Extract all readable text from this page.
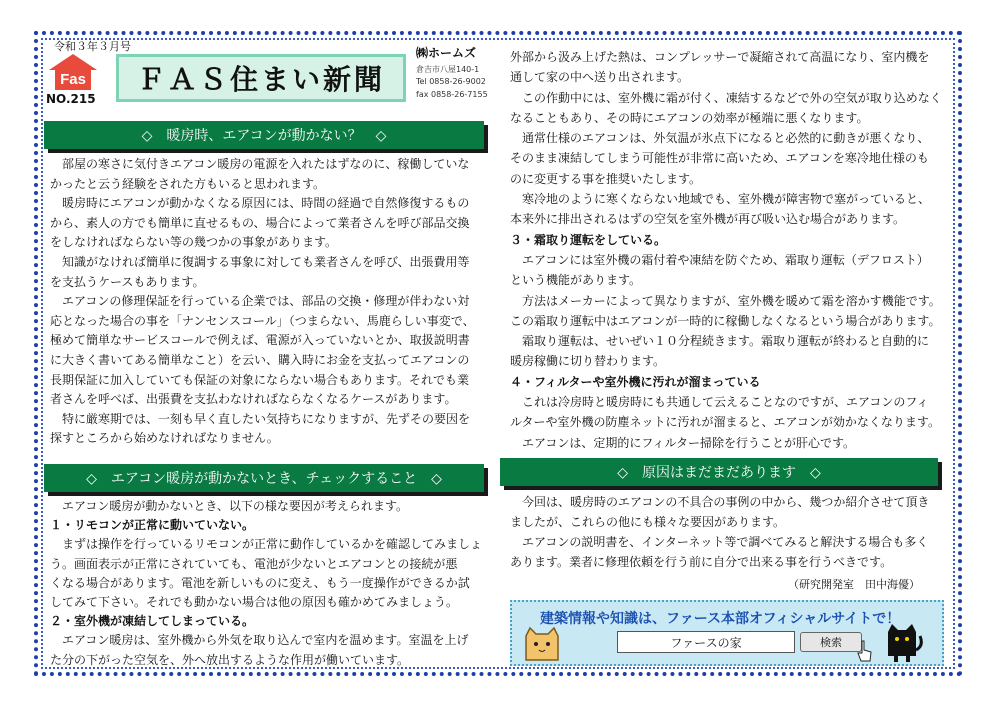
令和３年３月号
Fas
NO.215
ＦＡＳ住まい新聞
㈱ホームズ
倉吉市八屋140-1
Tel 0858-26-9002
fax 0858-26-7155
◇　暖房時、エアコンが動かない？　◇
◇　エアコン暖房が動かないとき、チェックすること　◇	◇　原因はまだまだあります　◇
部屋の寒さに気付きエアコン暖房の電源を入れたはずなのに、稼働していな
かったと云う経験をされた方もいると思われます。
暖房時にエアコンが動かなくなる原因には、時間の経過で自然修復するもの
から、素人の方でも簡単に直せるもの、場合によって業者さんを呼び部品交換
をしなければならない等の幾つかの事象があります。
知識がなければ簡単に復調する事象に対しても業者さんを呼び、出張費用等
を支払うケースもあります。
エアコンの修理保証を行っている企業では、部品の交換・修理が伴わない対
応となった場合の事を「ナンセンスコール」（つまらない、馬鹿らしい事変で、
極めて簡単なサービスコールで例えば、電源が入っていないとか、取扱説明書
に大きく書いてある簡単なこと）を云い、購入時にお金を支払ってエアコンの
長期保証に加入していても保証の対象にならない場合もあります。それでも業
者さんを呼べば、出張費を支払わなければならなくなるケースがあります。
特に厳寒期では、一刻も早く直したい気持ちになりますが、先ずその要因を
探すところから始めなければなりません。
エアコン暖房が動かないとき、以下の様な要因が考えられます。
１・リモコンが正常に動いていない。
まずは操作を行っているリモコンが正常に動作しているかを確認してみましょ
う。画面表示が正常にされていても、電池が少ないとエアコンとの接続が悪
くなる場合があります。電池を新しいものに変え、もう一度操作ができるか試
してみて下さい。それでも動かない場合は他の原因も確かめてみましょう。
２・室外機が凍結してしまっている。
エアコン暖房は、室外機から外気を取り込んで室内を温めます。室温を上げ
た分の下がった空気を、外へ放出するような作用が働いています。
外部から汲み上げた熱は、コンプレッサーで凝縮されて高温になり、室内機を
通して家の中へ送り出されます。
この作動中には、室外機に霜が付く、凍結するなどで外の空気が取り込めなく
なることもあり、その時にエアコンの効率が極端に悪くなります。
通常仕様のエアコンは、外気温が氷点下になると必然的に動きが悪くなり、
そのまま凍結してしまう可能性が非常に高いため、エアコンを寒冷地仕様のも
のに変更する事を推奨いたします。
寒冷地のように寒くならない地域でも、室外機が障害物で塞がっていると、
本来外に排出されるはずの空気を室外機が再び吸い込む場合があります。
３・霜取り運転をしている。
エアコンには室外機の霜付着や凍結を防ぐため、霜取り運転（デフロスト）
という機能があります。
方法はメーカーによって異なりますが、室外機を暖めて霜を溶かす機能です。
この霜取り運転中はエアコンが一時的に稼働しなくなるという場合があります。
霜取り運転は、せいぜい１０分程続きます。霜取り運転が終わると自動的に
暖房稼働に切り替わります。
４・フィルターや室外機に汚れが溜まっている
これは冷房時と暖房時にも共通して云えることなのですが、エアコンのフィ
ルターや室外機の防塵ネットに汚れが溜まると、エアコンが効かなくなります。
エアコンは、定期的にフィルター掃除を行うことが肝心です。
今回は、暖房時のエアコンの不具合の事例の中から、幾つか紹介させて頂き
ましたが、これらの他にも様々な要因があります。
エアコンの説明書を、インターネット等で調べてみると解決する場合も多く
あります。業者に修理依頼を行う前に自分で出来る事を行うべきです。
（研究開発室　田中海優）
建築情報や知識は、ファース本部オフィシャルサイトで！
ファースの家	検索
